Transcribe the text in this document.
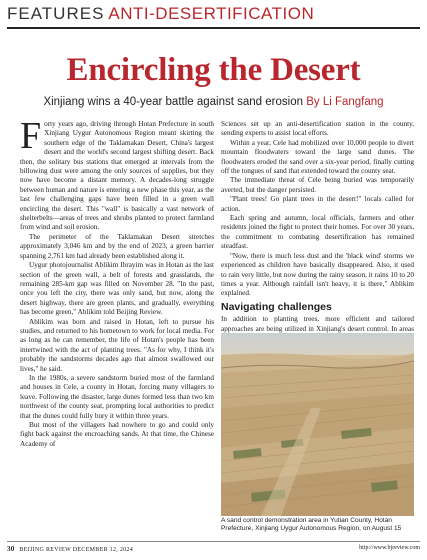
FEATURES ANTI-DESERTIFICATION
Encircling the Desert
Xinjiang wins a 40-year battle against sand erosion By Li Fangfang

Forty years ago, driving through Hotan Prefecture in south Xinjiang Uygur Autonomous Region meant skirting the southern edge of the Taklamakan Desert, China's largest desert and the world's second largest shifting desert. Back then, the solitary bus stations that emerged at intervals from the billowing dust were among the only sources of supplies, but they now have become a distant memory. A decades-long struggle between human and nature is entering a new phase this year, as the last few challenging gaps have been filled in a green wall encircling the desert. This "wall" is basically a vast network of shelterbelts—areas of trees and shrubs planted to protect farmland from wind and soil erosion.

The perimeter of the Taklamakan Desert stretches approximately 3,046 km and by the end of 2023, a green barrier spanning 2,761 km had already been established along it.

Uygur photojournalist Ablikim Ibrayim was in Hotan as the last section of the green wall, a belt of forests and grasslands, the remaining 285-km gap was filled on November 28. "In the past, once you left the city, there was only sand, but now, along the desert highway, there are green plants, and gradually, everything has become green," Ablikim told Beijing Review.

Ablikim was born and raised in Hotan, left to pursue his studies, and returned to his hometown to work for local media. For as long as he can remember, the life of Hotan's people has been intertwined with the act of planting trees. "As for why, I think it's probably the sandstorms decades ago that almost swallowed our lives," he said.

In the 1980s, a severe sandstorm buried most of the farmland and houses in Cele, a county in Hotan, forcing many villagers to leave. Following the disaster, large dunes formed less than two km northwest of the county seat, prompting local authorities to predict that the dunes could fully bury it within three years.

But most of the villagers had nowhere to go and could only fight back against the encroaching sands. At that time, the Chinese Academy of

Sciences set up an anti-desertification station in the county, sending experts to assist local efforts.

Within a year, Cele had mobilized over 10,000 people to divert mountain floodwaters toward the large sand dunes. The floodwaters eroded the sand over a six-year period, finally cutting off the tongues of sand that extended toward the county seat.

The immediate threat of Cele being buried was temporarily averted, but the danger persisted.

"Plant trees! Go plant trees in the desert!" locals called for action.

Each spring and autumn, local officials, farmers and other residents joined the fight to protect their homes. For over 30 years, the commitment to combating desertification has remained steadfast.

"Now, there is much less dust and the 'black wind' storms we experienced as children have basically disappeared. Also, it used to rain very little, but now during the rainy season, it rains 10 to 20 times a year. Although rainfall isn't heavy, it is there," Ablikim explained.

Navigating challenges

In addition to planting trees, more efficient and tailored approaches are being utilized in Xinjiang's desert control. In areas

A sand control demonstration area in Yutian County, Hotan Prefecture, Xinjiang Uygur Autonomous Region, on August 15
30 BEIJING REVIEW DECEMBER 12, 2024	http://www.bjreview.com
